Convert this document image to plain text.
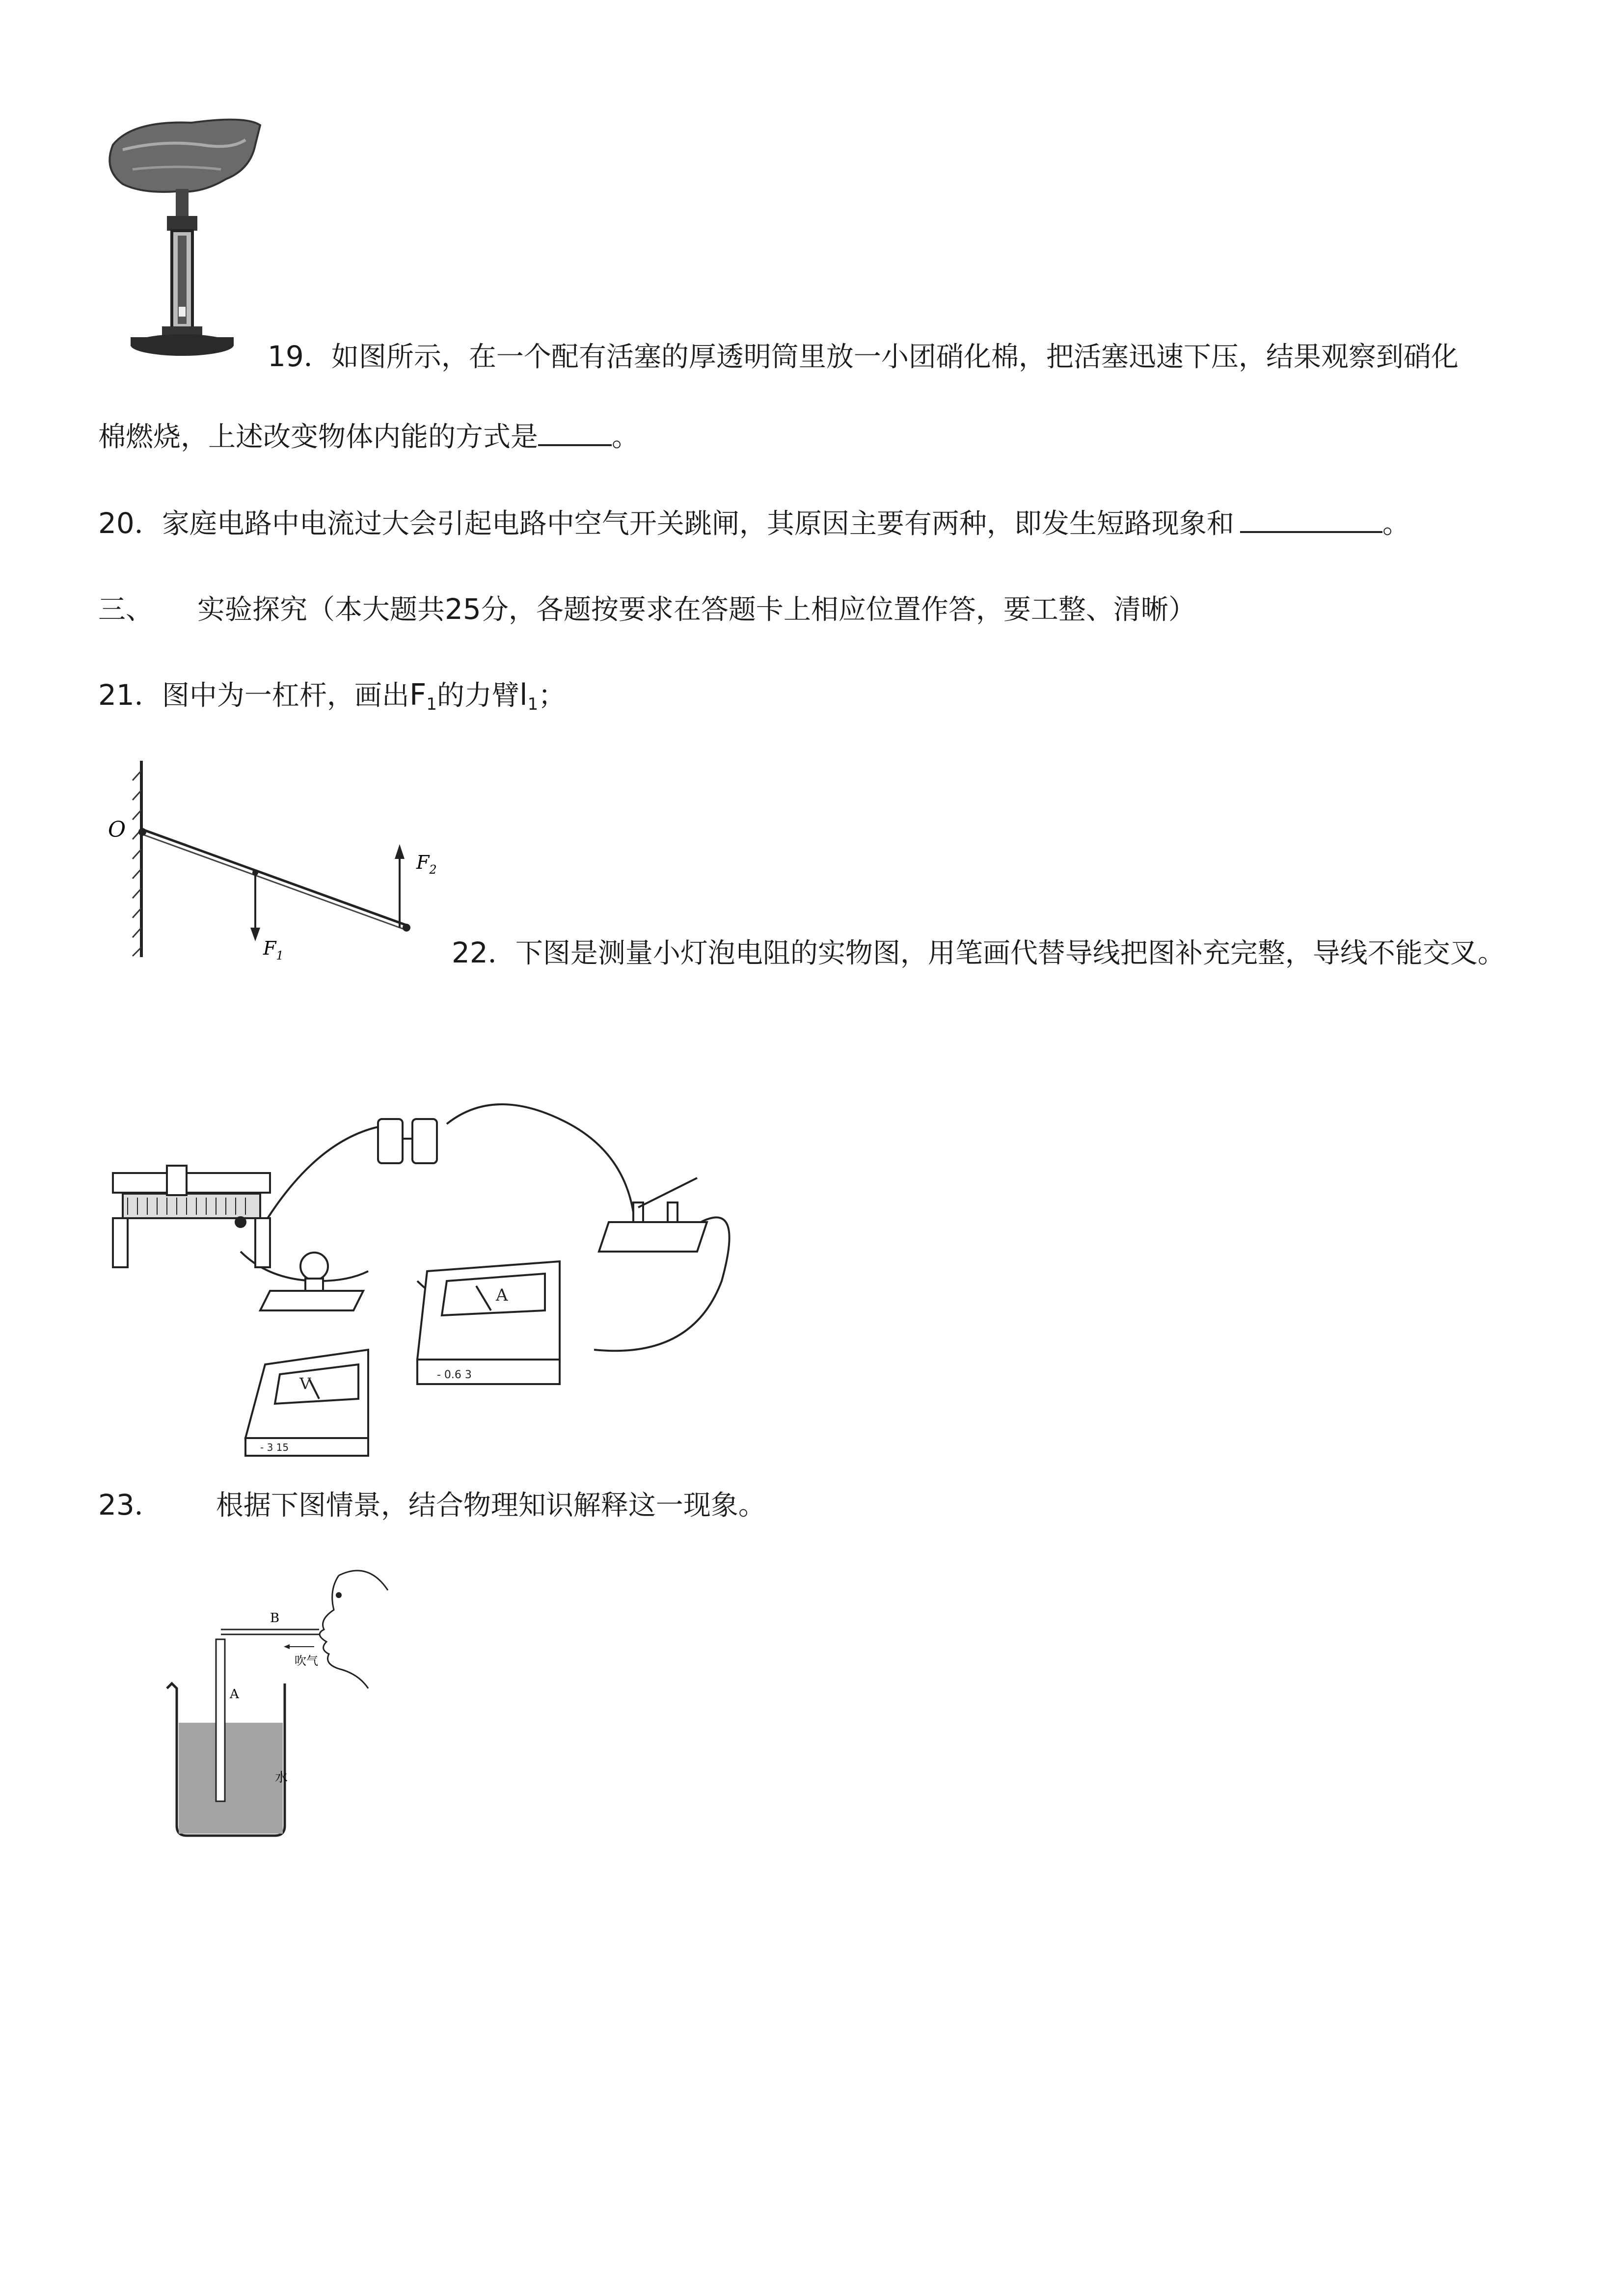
19．如图所示，在一个配有活塞的厚透明筒里放一小团硝化棉，把活塞迅速下压，结果观察到硝化
棉燃烧，上述改变物体内能的方式是	。
20．家庭电路中电流过大会引起电路中空气开关跳闸，其原因主要有两种，即发生短路现象和	。
三、 实验探究（本大题共25分，各题按要求在答题卡上相应位置作答，要工整、清晰）
21．图中为一杠杆，画出$F_1$的力臂$l_1$；
O
$F_1$
$F_2$
22．下图是测量小灯泡电阻的实物图，用笔画代替导线把图补充完整，导线不能交叉。
A
- 0.6 3
V
- 3 15
23． 根据下图情景，结合物理知识解释这一现象。
B
吹气
A
水
